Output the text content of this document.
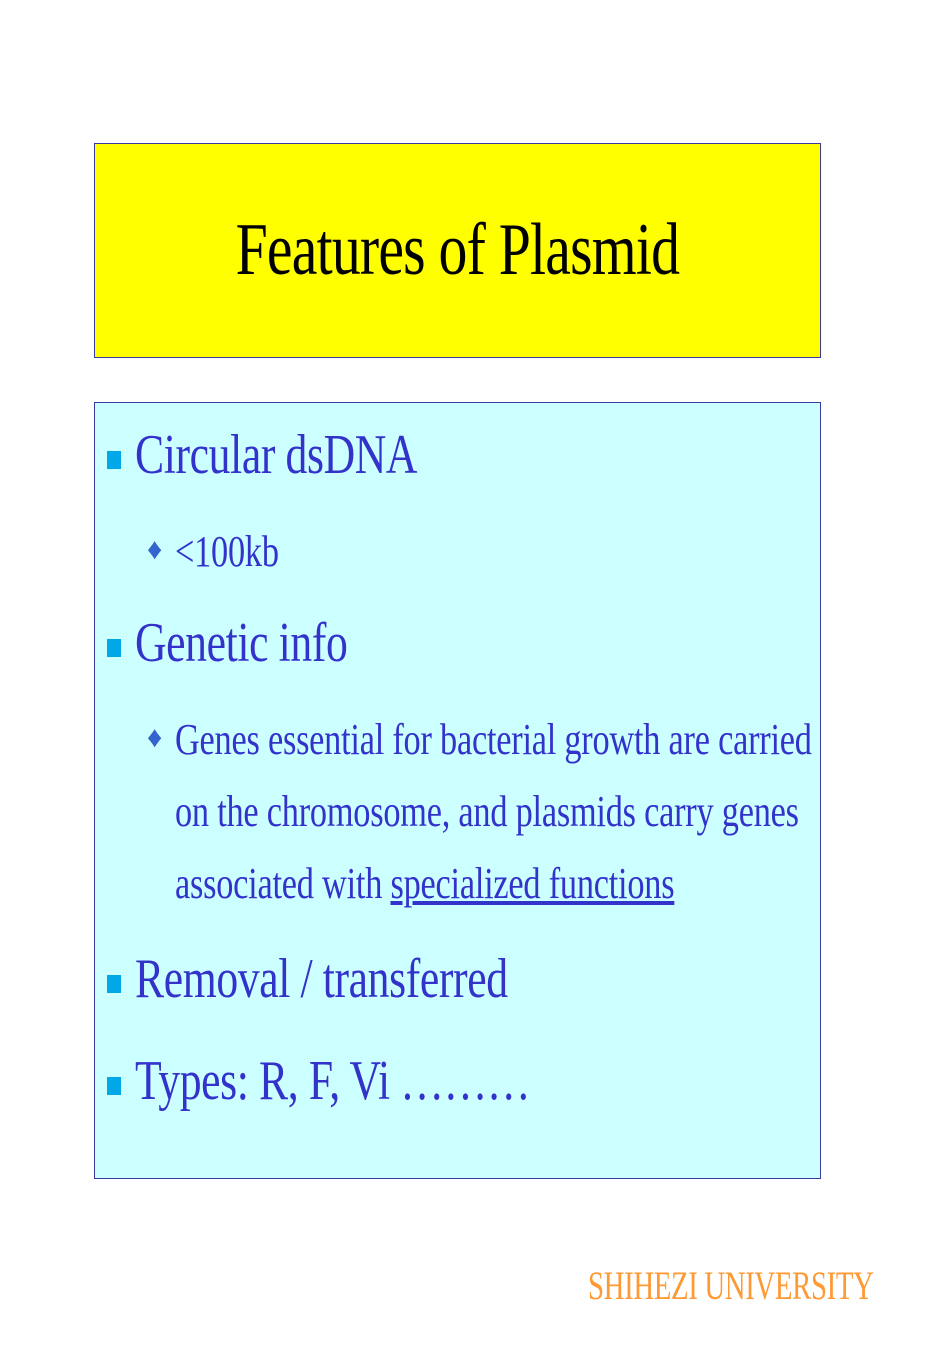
Features of Plasmid
Circular dsDNA
♦ <100kb
Genetic info
♦ Genes essential for bacterial growth are carried
on the chromosome, and plasmids carry genes
associated with specialized functions
Removal / transferred
Types: R, F, Vi ………
SHIHEZI UNIVERSITY
